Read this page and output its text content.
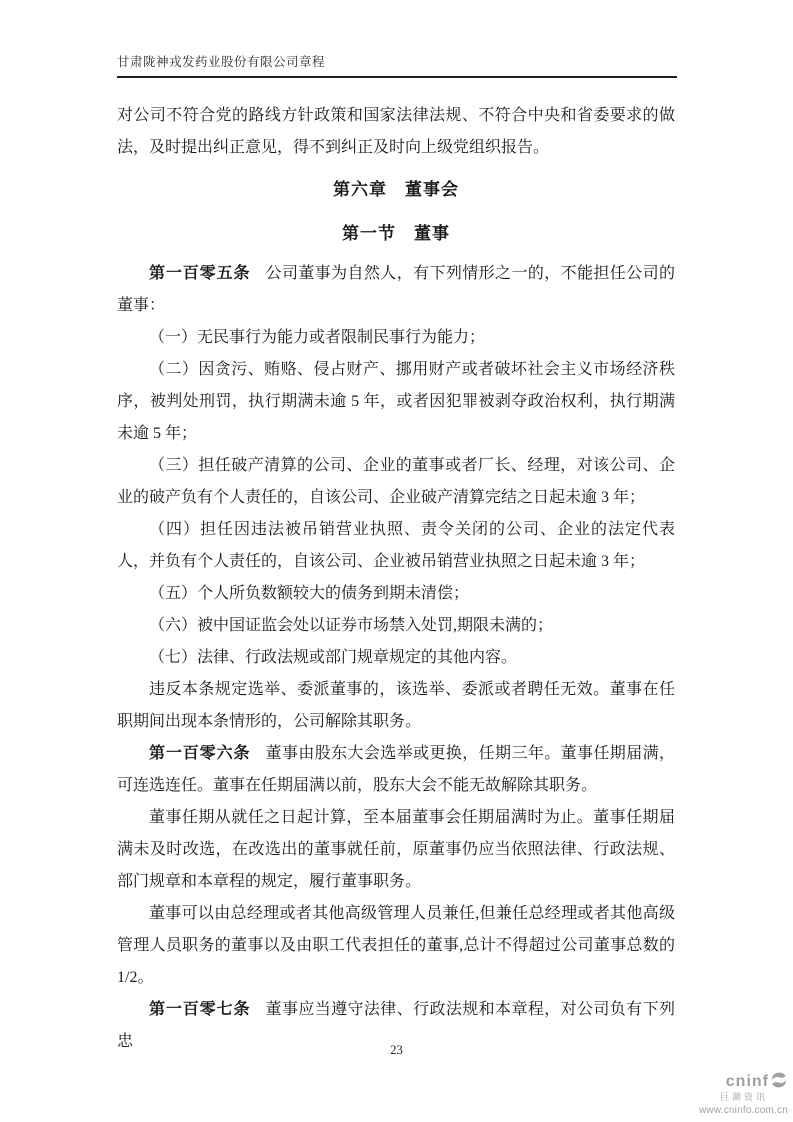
甘肃陇神戎发药业股份有限公司章程
对公司不符合党的路线方针政策和国家法律法规、不符合中央和省委要求的做法，及时提出纠正意见，得不到纠正及时向上级党组织报告。
第六章　董事会
第一节　董事
第一百零五条 公司董事为自然人，有下列情形之一的，不能担任公司的董事：
（一）无民事行为能力或者限制民事行为能力；
（二）因贪污、贿赂、侵占财产、挪用财产或者破坏社会主义市场经济秩序，被判处刑罚，执行期满未逾 5 年，或者因犯罪被剥夺政治权利，执行期满未逾 5 年；
（三）担任破产清算的公司、企业的董事或者厂长、经理，对该公司、企业的破产负有个人责任的，自该公司、企业破产清算完结之日起未逾 3 年；
（四）担任因违法被吊销营业执照、责令关闭的公司、企业的法定代表人，并负有个人责任的，自该公司、企业被吊销营业执照之日起未逾 3 年；
（五）个人所负数额较大的债务到期未清偿；
（六）被中国证监会处以证券市场禁入处罚,期限未满的；
（七）法律、行政法规或部门规章规定的其他内容。
违反本条规定选举、委派董事的，该选举、委派或者聘任无效。董事在任职期间出现本条情形的，公司解除其职务。
第一百零六条 董事由股东大会选举或更换，任期三年。董事任期届满，可连选连任。董事在任期届满以前，股东大会不能无故解除其职务。
董事任期从就任之日起计算，至本届董事会任期届满时为止。董事任期届满未及时改选，在改选出的董事就任前，原董事仍应当依照法律、行政法规、部门规章和本章程的规定，履行董事职务。
董事可以由总经理或者其他高级管理人员兼任,但兼任总经理或者其他高级管理人员职务的董事以及由职工代表担任的董事,总计不得超过公司董事总数的1/2。
第一百零七条 董事应当遵守法律、行政法规和本章程，对公司负有下列忠	23
cninf
巨潮资讯
www.cninfo.com.cn
